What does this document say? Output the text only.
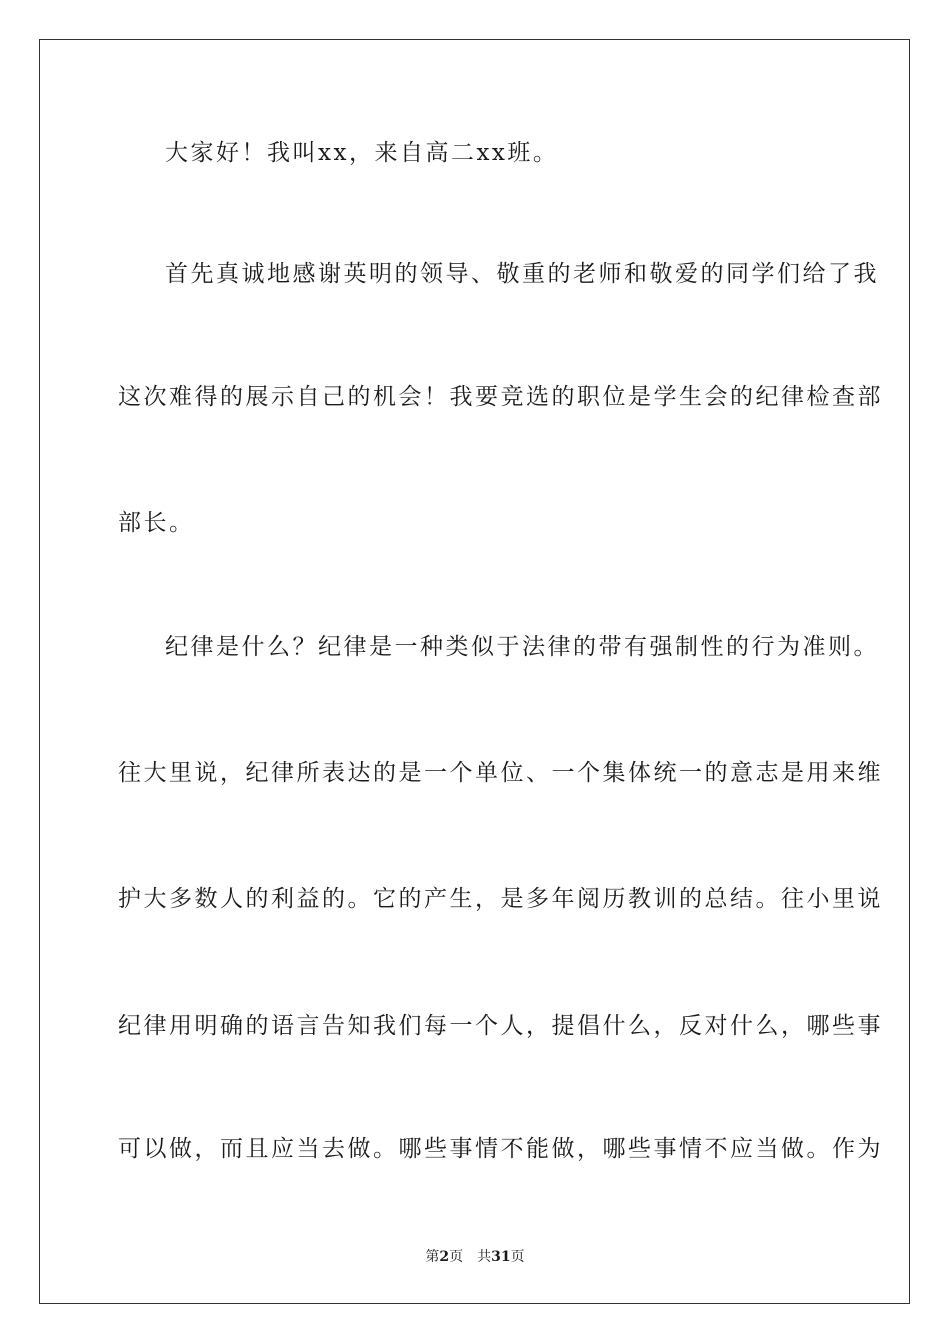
大家好！我叫xx，来自高二xx班。
首先真诚地感谢英明的领导、敬重的老师和敬爱的同学们给了我
这次难得的展示自己的机会！我要竞选的职位是学生会的纪律检查部
部长。
纪律是什么？纪律是一种类似于法律的带有强制性的行为准则。
往大里说，纪律所表达的是一个单位、一个集体统一的意志是用来维
护大多数人的利益的。它的产生，是多年阅历教训的总结。往小里说
纪律用明确的语言告知我们每一个人，提倡什么，反对什么，哪些事
可以做，而且应当去做。哪些事情不能做，哪些事情不应当做。作为
第2页 共31页
